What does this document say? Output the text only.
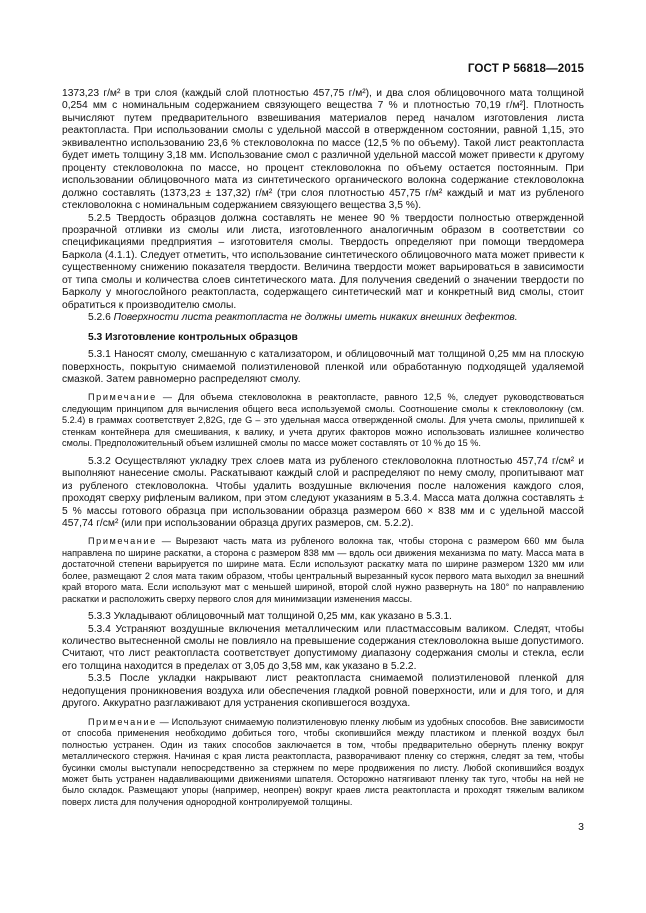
ГОСТ Р 56818—2015

1373,23 г/м² в три слоя (каждый слой плотностью 457,75 г/м²), и два слоя облицовочного мата толщиной 0,254 мм с номинальным содержанием связующего вещества 7 % и плотностью 70,19 г/м²]. Плотность вычисляют путем предварительного взвешивания материалов перед началом изготовления листа реактопласта. При использовании смолы с удельной массой в отвержденном состоянии, равной 1,15, это эквивалентно использованию 23,6 % стекловолокна по массе (12,5 % по объему). Такой лист реактопласта будет иметь толщину 3,18 мм. Использование смол с различной удельной массой может привести к другому проценту стекловолокна по массе, но процент стекловолокна по объему остается постоянным. При использовании облицовочного мата из синтетического органического волокна содержание стекловолокна должно составлять (1373,23 ± 137,32) г/м² (три слоя плотностью 457,75 г/м² каждый и мат из рубленого стекловолокна с номинальным содержанием связующего вещества 3,5 %).

5.2.5 Твердость образцов должна составлять не менее 90 % твердости полностью отвержденной прозрачной отливки из смолы или листа, изготовленного аналогичным образом в соответствии со спецификациями предприятия – изготовителя смолы. Твердость определяют при помощи твердомера Баркола (4.1.1). Следует отметить, что использование синтетического облицовочного мата может привести к существенному снижению показателя твердости. Величина твердости может варьироваться в зависимости от типа смолы и количества слоев синтетического мата. Для получения сведений о значении твердости по Барколу у многослойного реактопласта, содержащего синтетический мат и конкретный вид смолы, стоит обратиться к производителю смолы.

5.2.6 Поверхности листа реактопласта не должны иметь никаких внешних дефектов.

5.3 Изготовление контрольных образцов

5.3.1 Наносят смолу, смешанную с катализатором, и облицовочный мат толщиной 0,25 мм на плоскую поверхность, покрытую снимаемой полиэтиленовой пленкой или обработанную подходящей удаляемой смазкой. Затем равномерно распределяют смолу.

Примечание — Для объема стекловолокна в реактопласте, равного 12,5 %, следует руководствоваться следующим принципом для вычисления общего веса используемой смолы. Соотношение смолы к стекловолокну (см. 5.2.4) в граммах соответствует 2,82G, где G – это удельная масса отвержденной смолы. Для учета смолы, прилипшей к стенкам контейнера для смешивания, к валику, и учета других факторов можно использовать излишнее количество смолы. Предположительный объем излишней смолы по массе может составлять от 10 % до 15 %.

5.3.2 Осуществляют укладку трех слоев мата из рубленого стекловолокна плотностью 457,74 г/см² и выполняют нанесение смолы. Раскатывают каждый слой и распределяют по нему смолу, пропитывают мат из рубленого стекловолокна. Чтобы удалить воздушные включения после наложения каждого слоя, проходят сверху рифленым валиком, при этом следуют указаниям в 5.3.4. Масса мата должна составлять ± 5 % массы готового образца при использовании образца размером 660 × 838 мм и с удельной массой 457,74 г/см² (или при использовании образца других размеров, см. 5.2.2).

Примечание — Вырезают часть мата из рубленого волокна так, чтобы сторона с размером 660 мм была направлена по ширине раскатки, а сторона с размером 838 мм — вдоль оси движения механизма по мату. Масса мата в достаточной степени варьируется по ширине мата. Если используют раскатку мата по ширине размером 1320 мм или более, размещают 2 слоя мата таким образом, чтобы центральный вырезанный кусок первого мата выходил за внешний край второго мата. Если используют мат с меньшей шириной, второй слой нужно развернуть на 180° по направлению раскатки и расположить сверху первого слоя для минимизации изменения массы.

5.3.3 Укладывают облицовочный мат толщиной 0,25 мм, как указано в 5.3.1.

5.3.4 Устраняют воздушные включения металлическим или пластмассовым валиком. Следят, чтобы количество вытесненной смолы не повлияло на превышение содержания стекловолокна выше допустимого. Считают, что лист реактопласта соответствует допустимому диапазону содержания смолы и стекла, если его толщина находится в пределах от 3,05 до 3,58 мм, как указано в 5.2.2.

5.3.5 После укладки накрывают лист реактопласта снимаемой полиэтиленовой пленкой для недопущения проникновения воздуха или обеспечения гладкой ровной поверхности, или и для того, и для другого. Аккуратно разглаживают для устранения скопившегося воздуха.

Примечание — Используют снимаемую полиэтиленовую пленку любым из удобных способов. Вне зависимости от способа применения необходимо добиться того, чтобы скопившийся между пластиком и пленкой воздух был полностью устранен. Один из таких способов заключается в том, чтобы предварительно обернуть пленку вокруг металлического стержня. Начиная с края листа реактопласта, разворачивают пленку со стержня, следят за тем, чтобы бусинки смолы выступали непосредственно за стержнем по мере продвижения по листу. Любой скопившийся воздух может быть устранен надавливающими движениями шпателя. Осторожно натягивают пленку так туго, чтобы на ней не было складок. Размещают упоры (например, неопрен) вокруг краев листа реактопласта и проходят тяжелым валиком поверх листа для получения однородной контролируемой толщины.

3
